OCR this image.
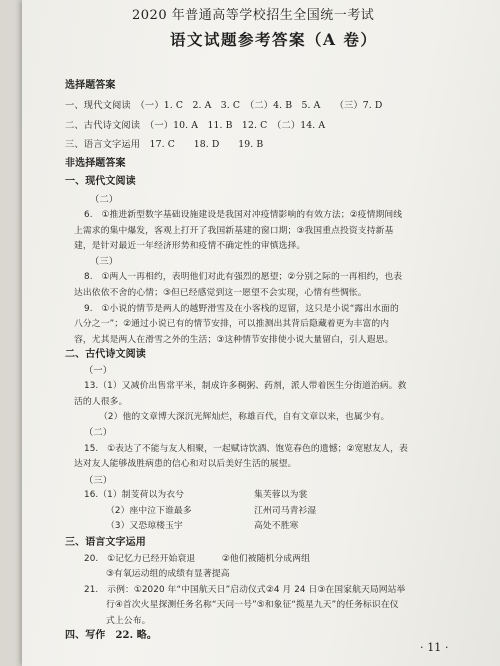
2020 年普通高等学校招生全国统一考试
语文试题参考答案（A 卷）
选择题答案
一、现代文阅读　（一）1. C　2. A　3. C　（二）4. B　5. A　　（三）7. D
二、古代诗文阅读　（一）10. A　11. B　12. C　（二）14. A
三、语言文字运用　17. C　　18. D　　19. B
非选择题答案
一、现代文阅读
（二）
6.　①推进新型数字基础设施建设是我国对冲疫情影响的有效方法；②疫情期间线
上需求的集中爆发，客观上打开了我国新基建的窗口期；③我国重点投资支持新基
建，是针对最近一年经济形势和疫情不确定性的审慎选择。
（三）
8.　①两人一再相约，表明他们对此有强烈的愿望；②分别之际的一再相约，也表
达出依依不舍的心情；③但已经感觉到这一愿望不会实现，心情有些惆怅。
9.　①小说的情节是两人的越野滑雪及在小客栈的逗留，这只是小说“露出水面的
八分之一”；②通过小说已有的情节安排，可以推测出其背后隐藏着更为丰富的内
容，尤其是两人在滑雪之外的生活；③这种情节安排使小说大量留白，引人遐思。
二、古代诗文阅读
（一）
13.（1）又减价出售常平米，制成许多稠粥、药剂，派人带着医生分街道治病。救
活的人很多。
（2）他的文章博大深沉光辉灿烂，称雄百代，自有文章以来，也属少有。
（二）
15.　①表达了不能与友人相聚，一起赋诗饮酒、饱览春色的遗憾；②宽慰友人，表
达对友人能够战胜病患的信心和对以后美好生活的展望。
（三）
16.（1）制芰荷以为衣兮	集芙蓉以为裳
（2）座中泣下谁最多	江州司马青衫湿
（3）又恐琼楼玉宇	高处不胜寒
三、语言文字运用
20.　①记忆力已经开始衰退　　　②他们被随机分成两组
③有氧运动组的成绩有显著提高
21.　示例：①2020 年“中国航天日”启动仪式②4 月 24 日③在国家航天局网站举
行④首次火星探测任务名称“天问一号”⑤和象征“揽星九天”的任务标识在仪
式上公布。
四、写作　22. 略。
· 11 ·
